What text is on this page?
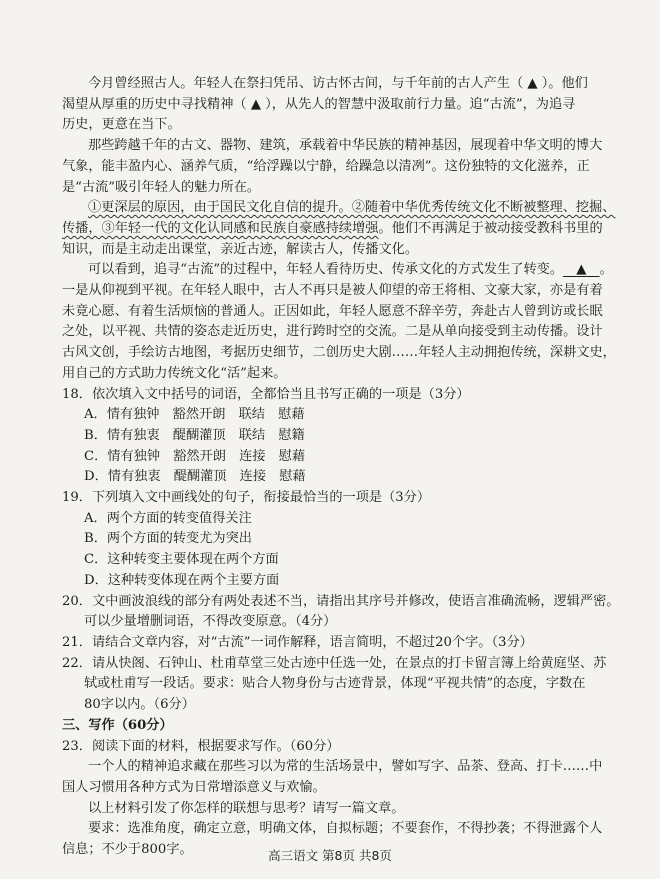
今月曾经照古人。年轻人在祭扫凭吊、访古怀古间，与千年前的古人产生（ ▲ ）。他们
渴望从厚重的历史中寻找精神（ ▲ ），从先人的智慧中汲取前行力量。追“古流”，为追寻
历史，更意在当下。
那些跨越千年的古文、器物、建筑，承载着中华民族的精神基因，展现着中华文明的博大
气象，能丰盈内心、涵养气质，“给浮躁以宁静，给躁急以清冽”。这份独特的文化滋养，正
是“古流”吸引年轻人的魅力所在。
①更深层的原因，由于国民文化自信的提升。②随着中华优秀传统文化不断被整理、挖掘、
传播，③年轻一代的文化认同感和民族自豪感持续增强。他们不再满足于被动接受教科书里的
知识，而是主动走出课堂，亲近古迹，解读古人，传播文化。
可以看到，追寻“古流”的过程中，年轻人看待历史、传承文化的方式发生了转变。   ▲   。
一是从仰视到平视。在年轻人眼中，古人不再只是被人仰望的帝王将相、文豪大家，亦是有着
未竟心愿、有着生活烦恼的普通人。正因如此，年轻人愿意不辞辛劳，奔赴古人曾到访或长眠
之处，以平视、共情的姿态走近历史，进行跨时空的交流。二是从单向接受到主动传播。设计
古风文创，手绘访古地图，考据历史细节，二创历史大剧……年轻人主动拥抱传统，深耕文史，
用自己的方式助力传统文化“活”起来。
18．依次填入文中括号的词语，全都恰当且书写正确的一项是（3分）
A．情有独钟　豁然开朗　联结　慰藉
B．情有独衷　醍醐灌顶　联结　慰籍
C．情有独钟　豁然开朗　连接　慰藉
D．情有独衷　醍醐灌顶　连接　慰藉
19．下列填入文中画线处的句子，衔接最恰当的一项是（3分）
A．两个方面的转变值得关注
B．两个方面的转变尤为突出
C．这种转变主要体现在两个方面
D．这种转变体现在两个主要方面
20．文中画波浪线的部分有两处表述不当，请指出其序号并修改，使语言准确流畅，逻辑严密。
可以少量增删词语，不得改变原意。（4分）
21．请结合文章内容，对“古流”一词作解释，语言简明，不超过20个字。（3分）
22．请从快阁、石钟山、杜甫草堂三处古迹中任选一处，在景点的打卡留言簿上给黄庭坚、苏
轼或杜甫写一段话。要求：贴合人物身份与古迹背景，体现“平视共情”的态度，字数在
80字以内。（6分）
三、写作（60分）
23．阅读下面的材料，根据要求写作。（60分）
一个人的精神追求藏在那些习以为常的生活场景中，譬如写字、品茶、登高、打卡……中
国人习惯用各种方式为日常增添意义与欢愉。
以上材料引发了你怎样的联想与思考？请写一篇文章。
要求：选准角度，确定立意，明确文体，自拟标题；不要套作，不得抄袭；不得泄露个人
信息；不少于800字。	高三语文 第8页 共8页
